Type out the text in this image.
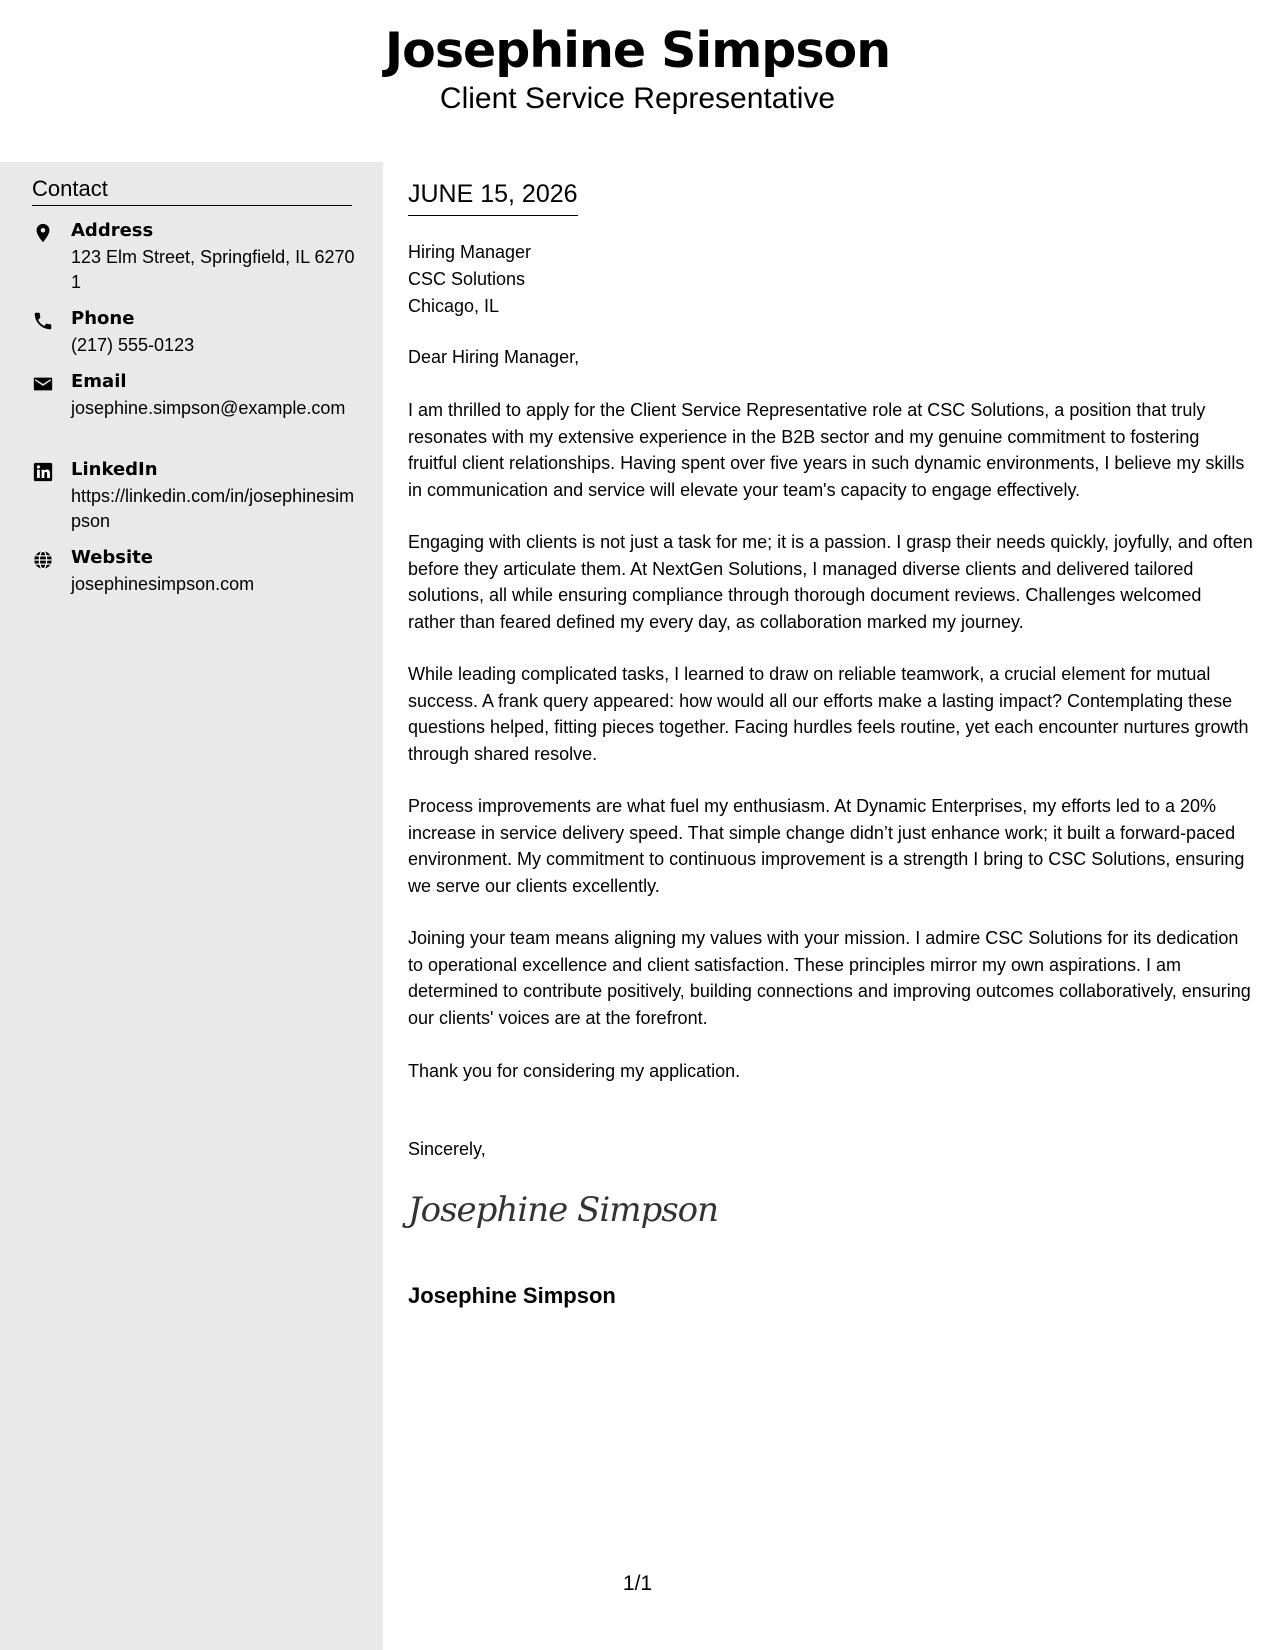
Josephine Simpson
Client Service Representative
Contact
Address
123 Elm Street, Springfield, IL 62701
Phone
(217) 555-0123
Email
josephine.simpson@example.com
LinkedIn
https://linkedin.com/in/josephinesimpson
Website
josephinesimpson.com
JUNE 15, 2026
Hiring Manager
CSC Solutions
Chicago, IL
Dear Hiring Manager,

I am thrilled to apply for the Client Service Representative role at CSC Solutions, a position that truly resonates with my extensive experience in the B2B sector and my genuine commitment to fostering fruitful client relationships. Having spent over five years in such dynamic environments, I believe my skills in communication and service will elevate your team's capacity to engage effectively.

Engaging with clients is not just a task for me; it is a passion. I grasp their needs quickly, joyfully, and often before they articulate them. At NextGen Solutions, I managed diverse clients and delivered tailored solutions, all while ensuring compliance through thorough document reviews. Challenges welcomed rather than feared defined my every day, as collaboration marked my journey.

While leading complicated tasks, I learned to draw on reliable teamwork, a crucial element for mutual success. A frank query appeared: how would all our efforts make a lasting impact? Contemplating these questions helped, fitting pieces together. Facing hurdles feels routine, yet each encounter nurtures growth through shared resolve.

Process improvements are what fuel my enthusiasm. At Dynamic Enterprises, my efforts led to a 20% increase in service delivery speed. That simple change didn’t just enhance work; it built a forward-paced environment. My commitment to continuous improvement is a strength I bring to CSC Solutions, ensuring we serve our clients excellently.

Joining your team means aligning my values with your mission. I admire CSC Solutions for its dedication to operational excellence and client satisfaction. These principles mirror my own aspirations. I am determined to contribute positively, building connections and improving outcomes collaboratively, ensuring our clients' voices are at the forefront.

Thank you for considering my application.

Sincerely,
Josephine Simpson
Josephine Simpson
1/1
